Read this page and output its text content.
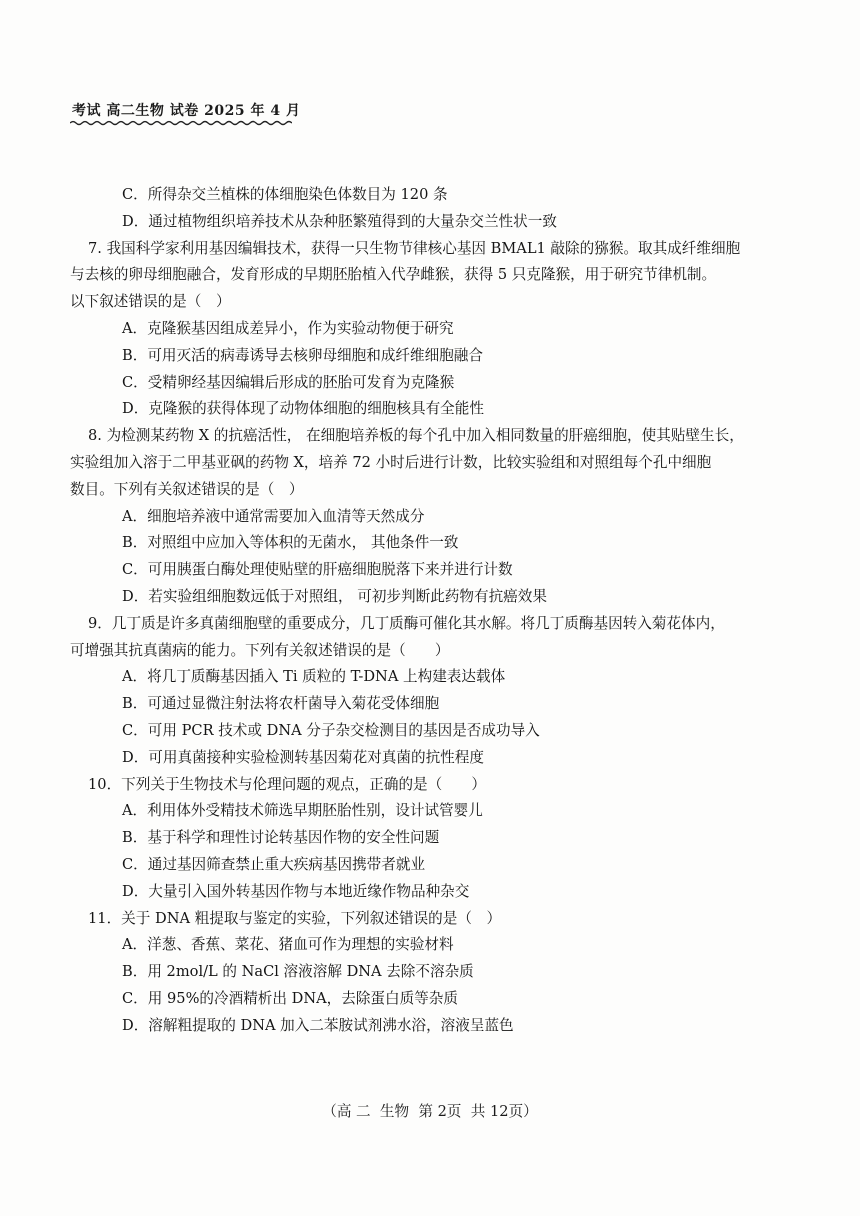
考试 高二生物 试卷 2025 年 4 月
C．所得杂交兰植株的体细胞染色体数目为 120 条
D．通过植物组织培养技术从杂种胚繁殖得到的大量杂交兰性状一致
7. 我国科学家利用基因编辑技术，获得一只生物节律核心基因 BMAL1 敲除的猕猴。取其成纤维细胞
与去核的卵母细胞融合，发育形成的早期胚胎植入代孕雌猴，获得 5 只克隆猴，用于研究节律机制。
以下叙述错误的是（　）
A．克隆猴基因组成差异小，作为实验动物便于研究
B．可用灭活的病毒诱导去核卵母细胞和成纤维细胞融合
C．受精卵经基因编辑后形成的胚胎可发育为克隆猴
D．克隆猴的获得体现了动物体细胞的细胞核具有全能性
8. 为检测某药物 X 的抗癌活性， 在细胞培养板的每个孔中加入相同数量的肝癌细胞，使其贴壁生长，
实验组加入溶于二甲基亚砜的药物 X，培养 72 小时后进行计数，比较实验组和对照组每个孔中细胞
数目。下列有关叙述错误的是（　）
A．细胞培养液中通常需要加入血清等天然成分
B．对照组中应加入等体积的无菌水， 其他条件一致
C．可用胰蛋白酶处理使贴壁的肝癌细胞脱落下来并进行计数
D．若实验组细胞数远低于对照组， 可初步判断此药物有抗癌效果
9．几丁质是许多真菌细胞壁的重要成分，几丁质酶可催化其水解。将几丁质酶基因转入菊花体内，
可增强其抗真菌病的能力。下列有关叙述错误的是（　　）
A．将几丁质酶基因插入 Ti 质粒的 T-DNA 上构建表达载体
B．可通过显微注射法将农杆菌导入菊花受体细胞
C．可用 PCR 技术或 DNA 分子杂交检测目的基因是否成功导入
D．可用真菌接种实验检测转基因菊花对真菌的抗性程度
10．下列关于生物技术与伦理问题的观点，正确的是（　　）
A．利用体外受精技术筛选早期胚胎性别，设计试管婴儿
B．基于科学和理性讨论转基因作物的安全性问题
C．通过基因筛查禁止重大疾病基因携带者就业
D．大量引入国外转基因作物与本地近缘作物品种杂交
11．关于 DNA 粗提取与鉴定的实验，下列叙述错误的是（　）
A．洋葱、香蕉、菜花、猪血可作为理想的实验材料
B．用 2mol/L 的 NaCl 溶液溶解 DNA 去除不溶杂质
C．用 95%的冷酒精析出 DNA，去除蛋白质等杂质
D．溶解粗提取的 DNA 加入二苯胺试剂沸水浴，溶液呈蓝色
（高 二  生物  第 2页  共 12页）
